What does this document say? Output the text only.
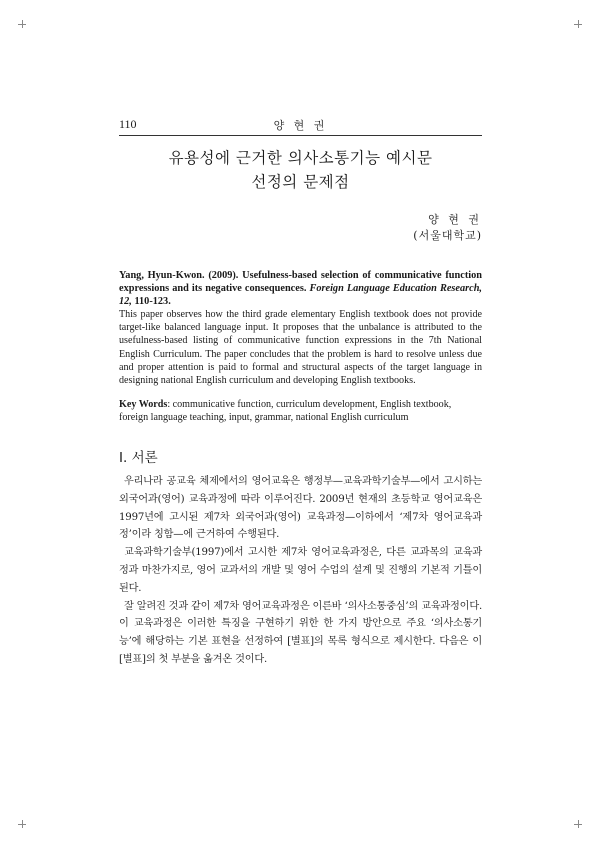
110	양 현 권
유용성에 근거한 의사소통기능 예시문
선정의 문제점
양 현 권
(서울대학교)
Yang, Hyun-Kwon. (2009). Usefulness-based selection of communicative function expressions and its negative consequences. Foreign Language Education Research, 12, 110-123.
This paper observes how the third grade elementary English textbook does not provide target-like balanced language input. It proposes that the unbalance is attributed to the usefulness-based listing of communicative function expressions in the 7th National English Curriculum. The paper concludes that the problem is hard to resolve unless due and proper attention is paid to formal and structural aspects of the target language in designing national English curriculum and developing English textbooks.
Key Words: communicative function, curriculum development, English textbook, foreign language teaching, input, grammar, national English curriculum
Ⅰ. 서론

우리나라 공교육 체제에서의 영어교육은 행정부—교육과학기술부—에서 고시하는 외국어과(영어) 교육과정에 따라 이루어진다. 2009년 현재의 초등학교 영어교육은 1997년에 고시된 제7차 외국어과(영어) 교육과정—이하에서 ‘제7차 영어교육과정’이라 칭함—에 근거하여 수행된다.

교육과학기술부(1997)에서 고시한 제7차 영어교육과정은, 다른 교과목의 교육과정과 마찬가지로, 영어 교과서의 개발 및 영어 수업의 설계 및 진행의 기본적 기틀이 된다.

잘 알려진 것과 같이 제7차 영어교육과정은 이른바 ‘의사소통중심’의 교육과정이다. 이 교육과정은 이러한 특징을 구현하기 위한 한 가지 방안으로 주요 ‘의사소통기능’에 해당하는 기본 표현을 선정하여 [별표]의 목록 형식으로 제시한다. 다음은 이 [별표]의 첫 부분을 옮겨온 것이다.
